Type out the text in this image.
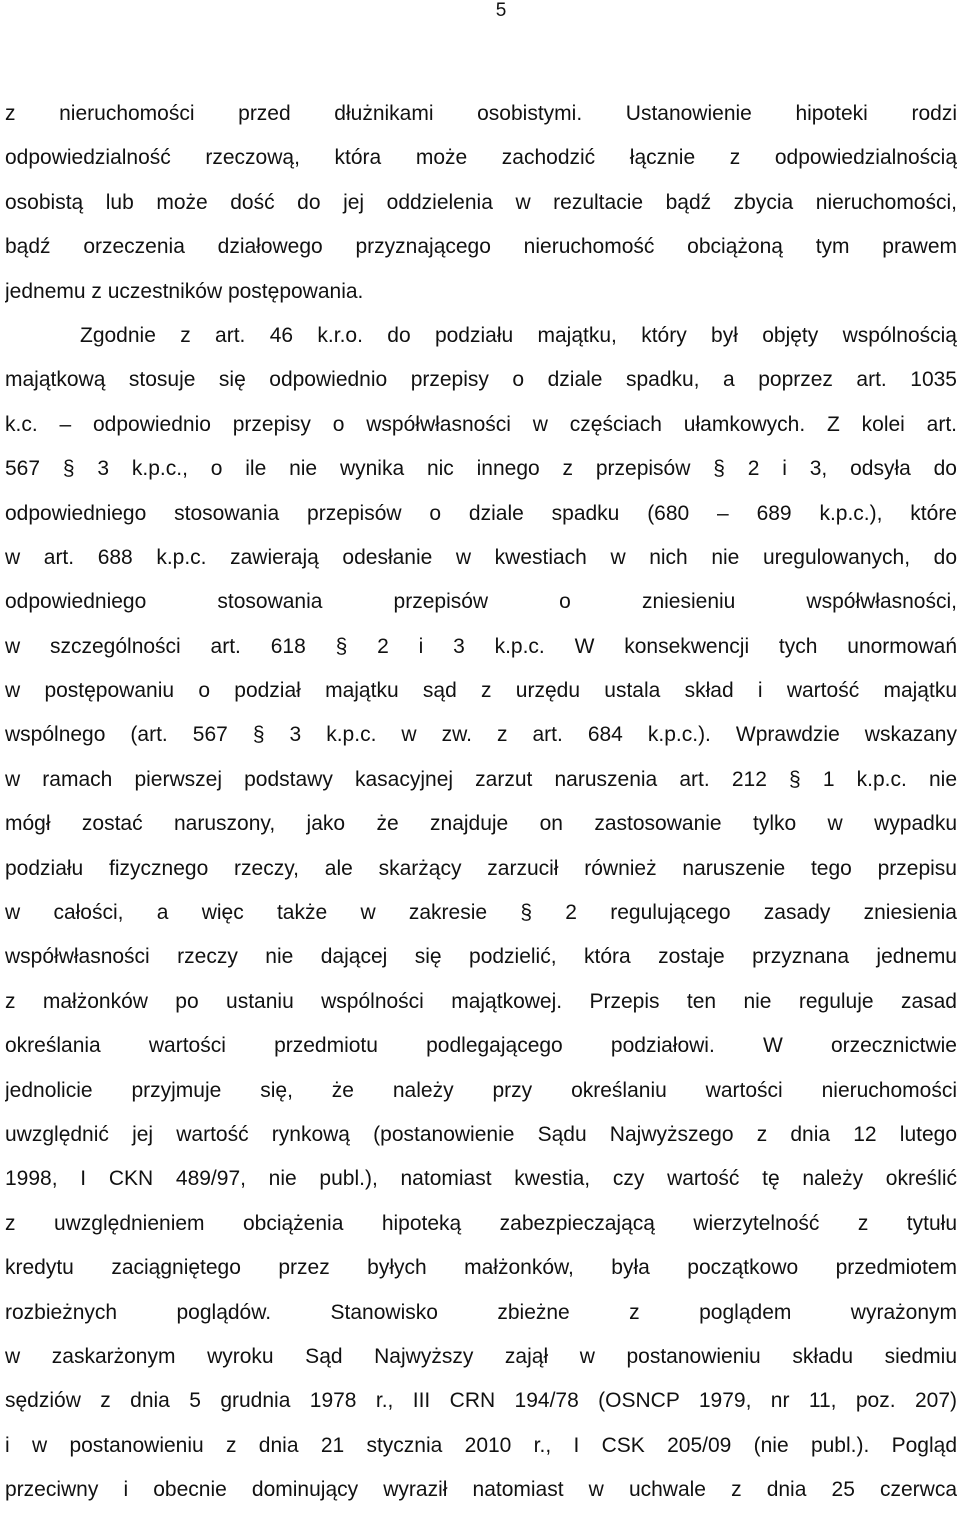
5
z nieruchomości przed dłużnikami osobistymi. Ustanowienie hipoteki rodzi
odpowiedzialność rzeczową, która może zachodzić łącznie z odpowiedzialnością
osobistą lub może dość do jej oddzielenia w rezultacie bądź zbycia nieruchomości,
bądź orzeczenia działowego przyznającego nieruchomość obciążoną tym prawem
jednemu z uczestników postępowania.
Zgodnie z art. 46 k.r.o. do podziału majątku, który był objęty wspólnością
majątkową stosuje się odpowiednio przepisy o dziale spadku, a poprzez art. 1035
k.c. – odpowiednio przepisy o współwłasności w częściach ułamkowych. Z kolei art.
567 § 3 k.p.c., o ile nie wynika nic innego z przepisów § 2 i 3, odsyła do
odpowiedniego stosowania przepisów o dziale spadku (680 – 689 k.p.c.), które
w art. 688 k.p.c. zawierają odesłanie w kwestiach w nich nie uregulowanych, do
odpowiedniego stosowania przepisów o zniesieniu współwłasności,
w szczególności art. 618 § 2 i 3 k.p.c. W konsekwencji tych unormowań
w postępowaniu o podział majątku sąd z urzędu ustala skład i wartość majątku
wspólnego (art. 567 § 3 k.p.c. w zw. z art. 684 k.p.c.). Wprawdzie wskazany
w ramach pierwszej podstawy kasacyjnej zarzut naruszenia art. 212 § 1 k.p.c. nie
mógł zostać naruszony, jako że znajduje on zastosowanie tylko w wypadku
podziału fizycznego rzeczy, ale skarżący zarzucił również naruszenie tego przepisu
w całości, a więc także w zakresie § 2 regulującego zasady zniesienia
współwłasności rzeczy nie dającej się podzielić, która zostaje przyznana jednemu
z małżonków po ustaniu wspólności majątkowej. Przepis ten nie reguluje zasad
określania wartości przedmiotu podlegającego podziałowi. W orzecznictwie
jednolicie przyjmuje się, że należy przy określaniu wartości nieruchomości
uwzględnić jej wartość rynkową (postanowienie Sądu Najwyższego z dnia 12 lutego
1998, I CKN 489/97, nie publ.), natomiast kwestia, czy wartość tę należy określić
z uwzględnieniem obciążenia hipoteką zabezpieczającą wierzytelność z tytułu
kredytu zaciągniętego przez byłych małżonków, była początkowo przedmiotem
rozbieżnych poglądów. Stanowisko zbieżne z poglądem wyrażonym
w zaskarżonym wyroku Sąd Najwyższy zajął w postanowieniu składu siedmiu
sędziów z dnia 5 grudnia 1978 r., III CRN 194/78 (OSNCP 1979, nr 11, poz. 207)
i w postanowieniu z dnia 21 stycznia 2010 r., I CSK 205/09 (nie publ.). Pogląd
przeciwny i obecnie dominujący wyraził natomiast w uchwale z dnia 25 czerwca
